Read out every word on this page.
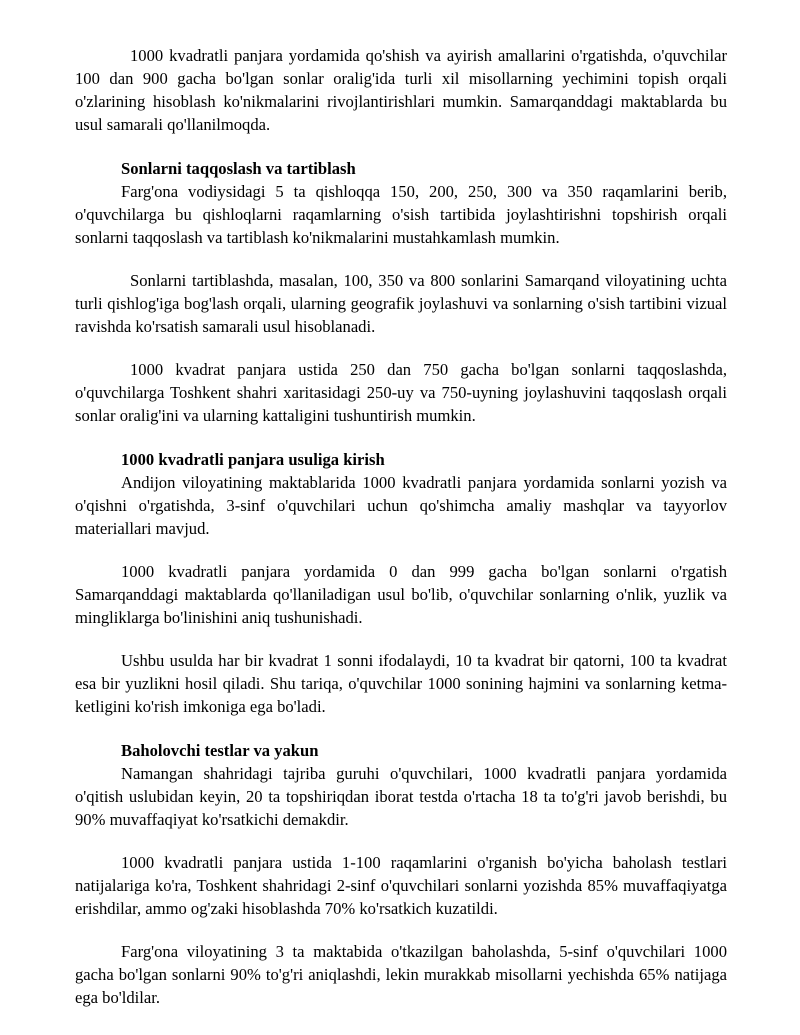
1000 kvadratli panjara yordamida qo'shish va ayirish amallarini o'rgatishda, o'quvchilar 100 dan 900 gacha bo'lgan sonlar oralig'ida turli xil misollarning yechimini topish orqali o'zlarining hisoblash ko'nikmalarini rivojlantirishlari mumkin. Samarqanddagi maktablarda bu usul samarali qo'llanilmoqda.

Sonlarni taqqoslash va tartiblash

Farg'ona vodiysidagi 5 ta qishloqqa 150, 200, 250, 300 va 350 raqamlarini berib, o'quvchilarga bu qishloqlarni raqamlarning o'sish tartibida joylashtirishni topshirish orqali sonlarni taqqoslash va tartiblash ko'nikmalarini mustahkamlash mumkin.

Sonlarni tartiblashda, masalan, 100, 350 va 800 sonlarini Samarqand viloyatining uchta turli qishlog'iga bog'lash orqali, ularning geografik joylashuvi va sonlarning o'sish tartibini vizual ravishda ko'rsatish samarali usul hisoblanadi.

1000 kvadrat panjara ustida 250 dan 750 gacha bo'lgan sonlarni taqqoslashda, o'quvchilarga Toshkent shahri xaritasidagi 250-uy va 750-uyning joylashuvini taqqoslash orqali sonlar oralig'ini va ularning kattaligini tushuntirish mumkin.

1000 kvadratli panjara usuliga kirish

Andijon viloyatining maktablarida 1000 kvadratli panjara yordamida sonlarni yozish va o'qishni o'rgatishda, 3-sinf o'quvchilari uchun qo'shimcha amaliy mashqlar va tayyorlov materiallari mavjud.

1000 kvadratli panjara yordamida 0 dan 999 gacha bo'lgan sonlarni o'rgatish Samarqanddagi maktablarda qo'llaniladigan usul bo'lib, o'quvchilar sonlarning o'nlik, yuzlik va mingliklarga bo'linishini aniq tushunishadi.

Ushbu usulda har bir kvadrat 1 sonni ifodalaydi, 10 ta kvadrat bir qatorni, 100 ta kvadrat esa bir yuzlikni hosil qiladi. Shu tariqa, o'quvchilar 1000 sonining hajmini va sonlarning ketma-ketligini ko'rish imkoniga ega bo'ladi.

Baholovchi testlar va yakun

Namangan shahridagi tajriba guruhi o'quvchilari, 1000 kvadratli panjara yordamida o'qitish uslubidan keyin, 20 ta topshiriqdan iborat testda o'rtacha 18 ta to'g'ri javob berishdi, bu 90% muvaffaqiyat ko'rsatkichi demakdir.

1000 kvadratli panjara ustida 1-100 raqamlarini o'rganish bo'yicha baholash testlari natijalariga ko'ra, Toshkent shahridagi 2-sinf o'quvchilari sonlarni yozishda 85% muvaffaqiyatga erishdilar, ammo og'zaki hisoblashda 70% ko'rsatkich kuzatildi.

Farg'ona viloyatining 3 ta maktabida o'tkazilgan baholashda, 5-sinf o'quvchilari 1000 gacha bo'lgan sonlarni 90% to'g'ri aniqlashdi, lekin murakkab misollarni yechishda 65% natijaga ega bo'ldilar.
